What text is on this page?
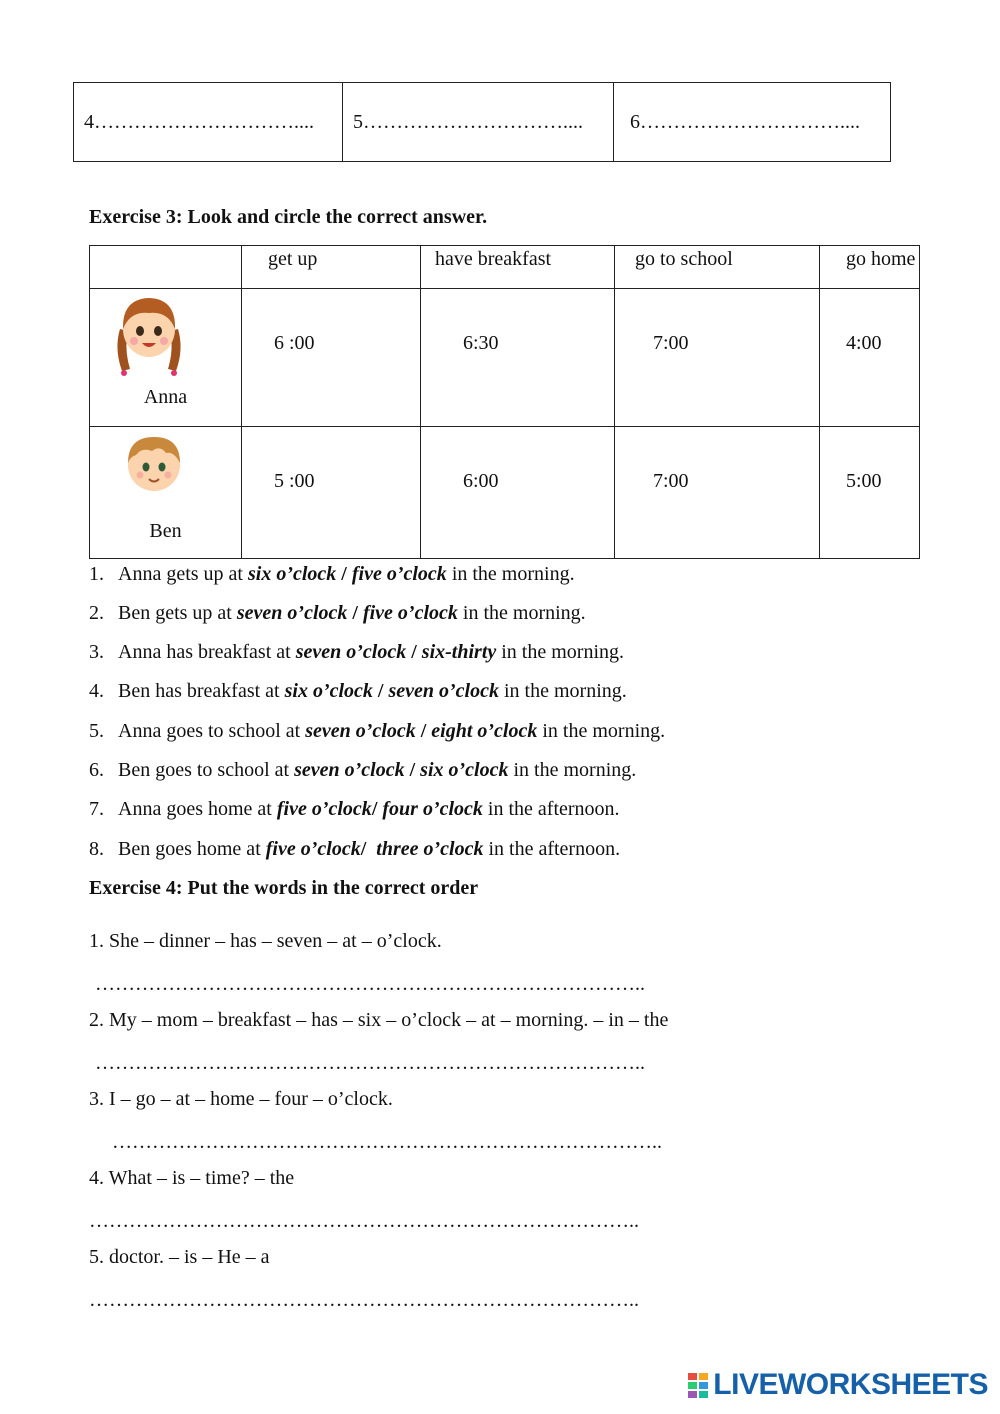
4…………………………....	5…………………………....	6…………………………....
Exercise 3: Look and circle the correct answer.

	get up	have breakfast	go to school	go home

Anna	6 :00	6:30	7:00	4:00

Ben	5 :00	6:00	7:00	5:00
1. Anna gets up at six o’clock / five o’clock in the morning.
2. Ben gets up at seven o’clock / five o’clock in the morning.
3. Anna has breakfast at seven o’clock / six-thirty in the morning.
4. Ben has breakfast at six o’clock / seven o’clock in the morning.
5. Anna goes to school at seven o’clock / eight o’clock in the morning.
6. Ben goes to school at seven o’clock / six o’clock in the morning.
7. Anna goes home at five o’clock/ four o’clock in the afternoon.
8. Ben goes home at five o’clock/  three o’clock in the afternoon.
Exercise 4: Put the words in the correct order
1. She – dinner – has – seven – at – o’clock.
………………………………………………………………………..
2. My – mom – breakfast – has – six – o’clock – at – morning. – in – the
………………………………………………………………………..
3. I – go – at – home – four – o’clock.
………………………………………………………………………..
4. What – is – time? – the
………………………………………………………………………..
5. doctor. – is – He – a
………………………………………………………………………..
LIVEWORKSHEETS
